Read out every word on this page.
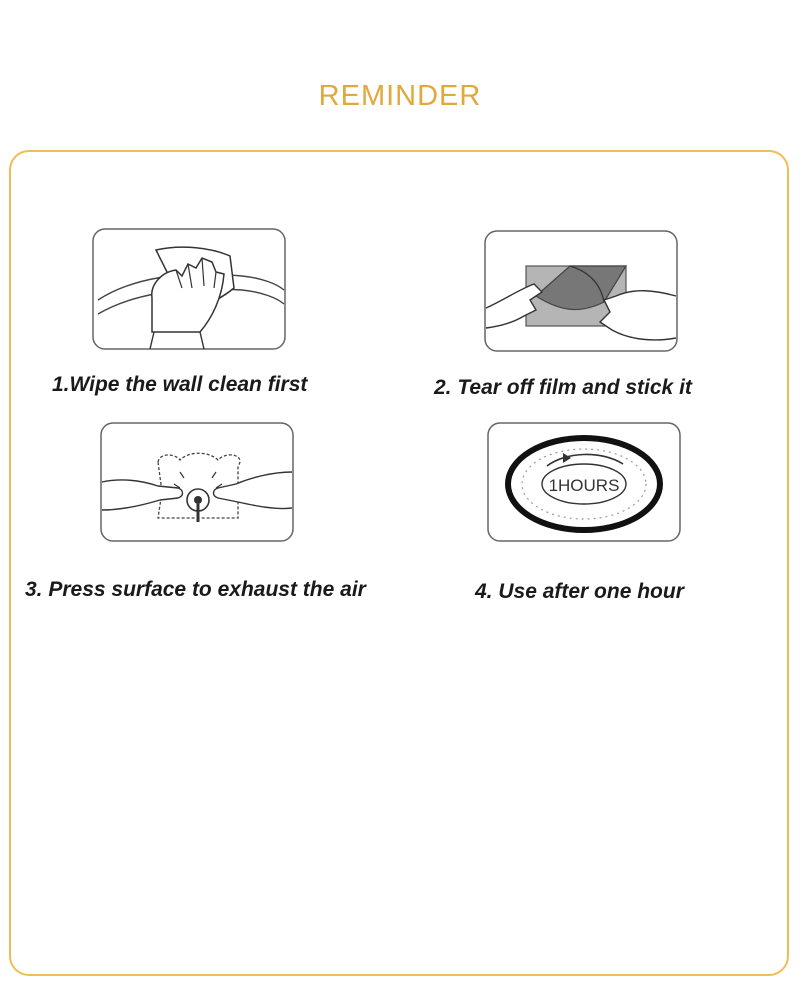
REMINDER
1.Wipe the wall clean first	2. Tear off film and stick it
3. Press surface to exhaust the air
1HOURS
4. Use after one hour
